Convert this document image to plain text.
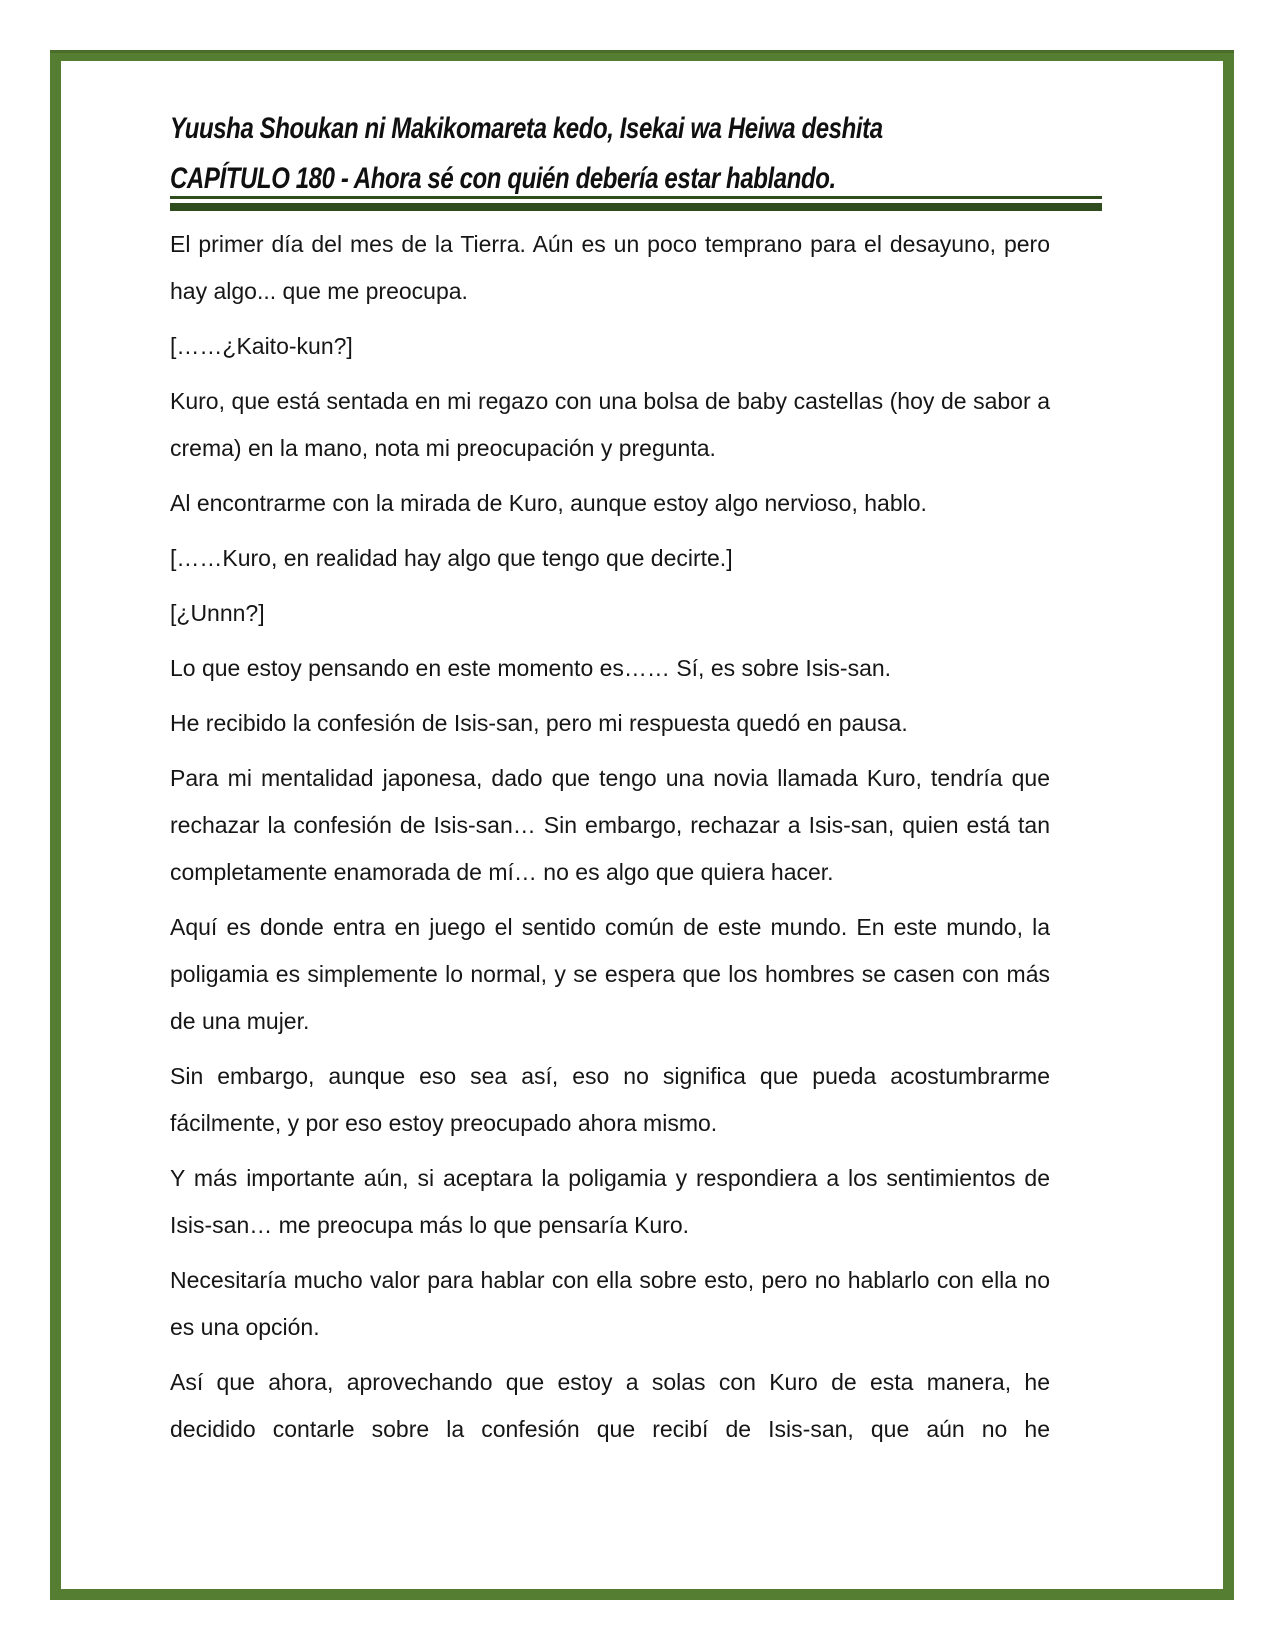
Yuusha Shoukan ni Makikomareta kedo, Isekai wa Heiwa deshita
CAPÍTULO 180 - Ahora sé con quién debería estar hablando.

El primer día del mes de la Tierra. Aún es un poco temprano para el desayuno, pero hay algo... que me preocupa.

[……¿Kaito-kun?]

Kuro, que está sentada en mi regazo con una bolsa de baby castellas (hoy de sabor a crema) en la mano, nota mi preocupación y pregunta.

Al encontrarme con la mirada de Kuro, aunque estoy algo nervioso, hablo.

[……Kuro, en realidad hay algo que tengo que decirte.]

[¿Unnn?]

Lo que estoy pensando en este momento es…… Sí, es sobre Isis-san.

He recibido la confesión de Isis-san, pero mi respuesta quedó en pausa.

Para mi mentalidad japonesa, dado que tengo una novia llamada Kuro, tendría que rechazar la confesión de Isis-san… Sin embargo, rechazar a Isis-san, quien está tan completamente enamorada de mí… no es algo que quiera hacer.

Aquí es donde entra en juego el sentido común de este mundo. En este mundo, la poligamia es simplemente lo normal, y se espera que los hombres se casen con más de una mujer.

Sin embargo, aunque eso sea así, eso no significa que pueda acostumbrarme fácilmente, y por eso estoy preocupado ahora mismo.

Y más importante aún, si aceptara la poligamia y respondiera a los sentimientos de Isis-san… me preocupa más lo que pensaría Kuro.

Necesitaría mucho valor para hablar con ella sobre esto, pero no hablarlo con ella no es una opción.

Así que ahora, aprovechando que estoy a solas con Kuro de esta manera, he decidido contarle sobre la confesión que recibí de Isis-san, que aún no he
